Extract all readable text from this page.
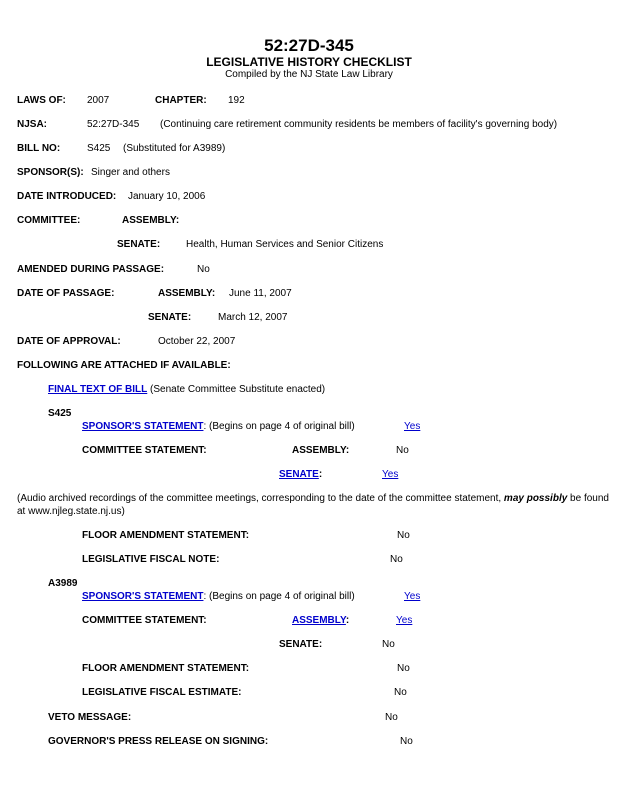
52:27D-345
LEGISLATIVE HISTORY CHECKLIST
Compiled by the NJ State Law Library
LAWS OF: 2007	CHAPTER: 192
NJSA:	52:27D-345 (Continuing care retirement community residents be members of facility's governing body)
BILL NO:	S425 (Substituted for A3989)
SPONSOR(S): Singer and others
DATE INTRODUCED: January 10, 2006
COMMITTEE:	ASSEMBLY:
SENATE:	Health, Human Services and Senior Citizens
AMENDED DURING PASSAGE:	No
DATE OF PASSAGE:	ASSEMBLY: June 11, 2007
SENATE:	March 12, 2007
DATE OF APPROVAL:	October 22, 2007
FOLLOWING ARE ATTACHED IF AVAILABLE:
FINAL TEXT OF BILL (Senate Committee Substitute enacted)
S425
SPONSOR'S STATEMENT: (Begins on page 4 of original bill)	Yes
COMMITTEE STATEMENT:	ASSEMBLY:	No
SENATE:	Yes
(Audio archived recordings of the committee meetings, corresponding to the date of the committee statement, may possibly be found
at www.njleg.state.nj.us)
FLOOR AMENDMENT STATEMENT:	No
LEGISLATIVE FISCAL NOTE:	No
A3989
SPONSOR'S STATEMENT: (Begins on page 4 of original bill)	Yes
COMMITTEE STATEMENT:	ASSEMBLY:	Yes
SENATE:	No
FLOOR AMENDMENT STATEMENT:	No
LEGISLATIVE FISCAL ESTIMATE:	No
VETO MESSAGE:	No
GOVERNOR'S PRESS RELEASE ON SIGNING:	No
